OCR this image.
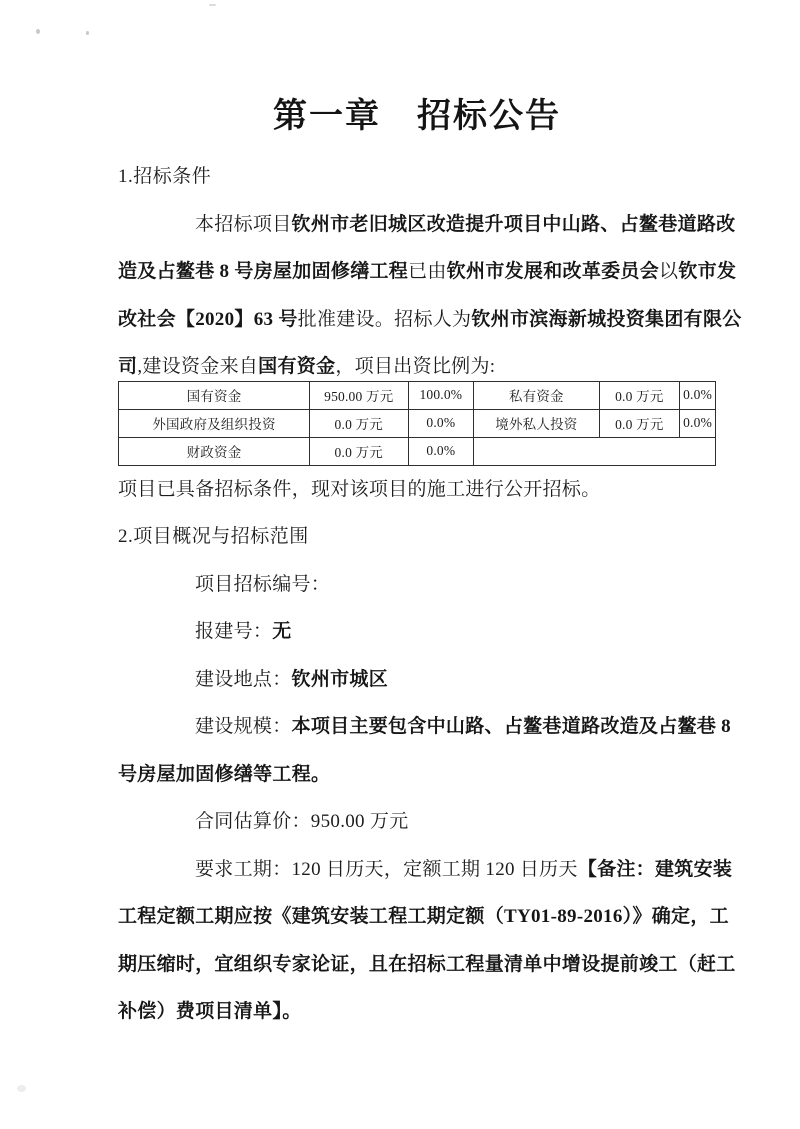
第一章　招标公告
1.招标条件
本招标项目钦州市老旧城区改造提升项目中山路、占鳌巷道路改
造及占鳌巷 8 号房屋加固修缮工程已由钦州市发展和改革委员会以钦市发
改社会【2020】63 号批准建设。招标人为钦州市滨海新城投资集团有限公
司,建设资金来自国有资金，项目出资比例为:
国有资金	950.00 万元	100.0%	私有资金	0.0 万元	0.0%
外国政府及组织投资	0.0 万元	0.0%	境外私人投资	0.0 万元	0.0%
财政资金	0.0 万元	0.0%			
项目已具备招标条件，现对该项目的施工进行公开招标。
2.项目概况与招标范围
项目招标编号：
报建号：无
建设地点：钦州市城区
建设规模：本项目主要包含中山路、占鳌巷道路改造及占鳌巷 8
号房屋加固修缮等工程。
合同估算价：950.00 万元
要求工期：120 日历天，定额工期 120 日历天【备注：建筑安装
工程定额工期应按《建筑安装工程工期定额（TY01-89-2016）》确定，工
期压缩时，宜组织专家论证，且在招标工程量清单中增设提前竣工（赶工
补偿）费项目清单】。
